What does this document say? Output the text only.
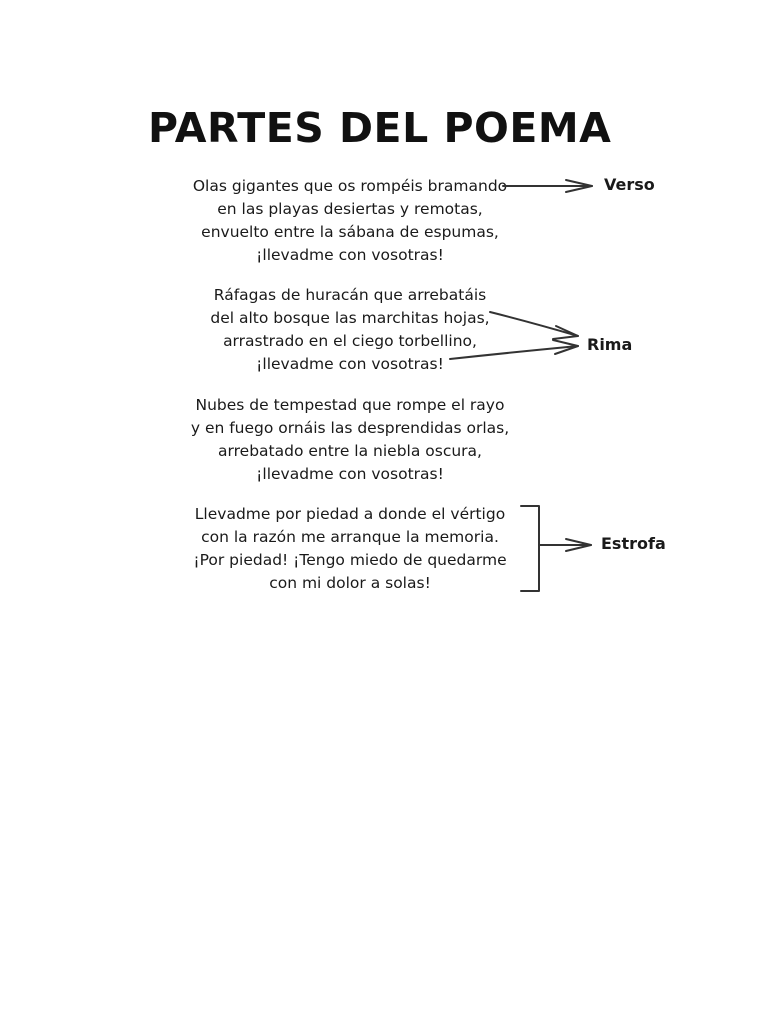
PARTES DEL POEMA
Olas gigantes que os rompéis bramando
en las playas desiertas y remotas,
envuelto entre la sábana de espumas,
¡llevadme con vosotras!
Ráfagas de huracán que arrebatáis
del alto bosque las marchitas hojas,
arrastrado en el ciego torbellino,
¡llevadme con vosotras!
Nubes de tempestad que rompe el rayo
y en fuego ornáis las desprendidas orlas,
arrebatado entre la niebla oscura,
¡llevadme con vosotras!
Llevadme por piedad a donde el vértigo
con la razón me arranque la memoria.
¡Por piedad! ¡Tengo miedo de quedarme
con mi dolor a solas!
Verso
Rima
Estrofa
